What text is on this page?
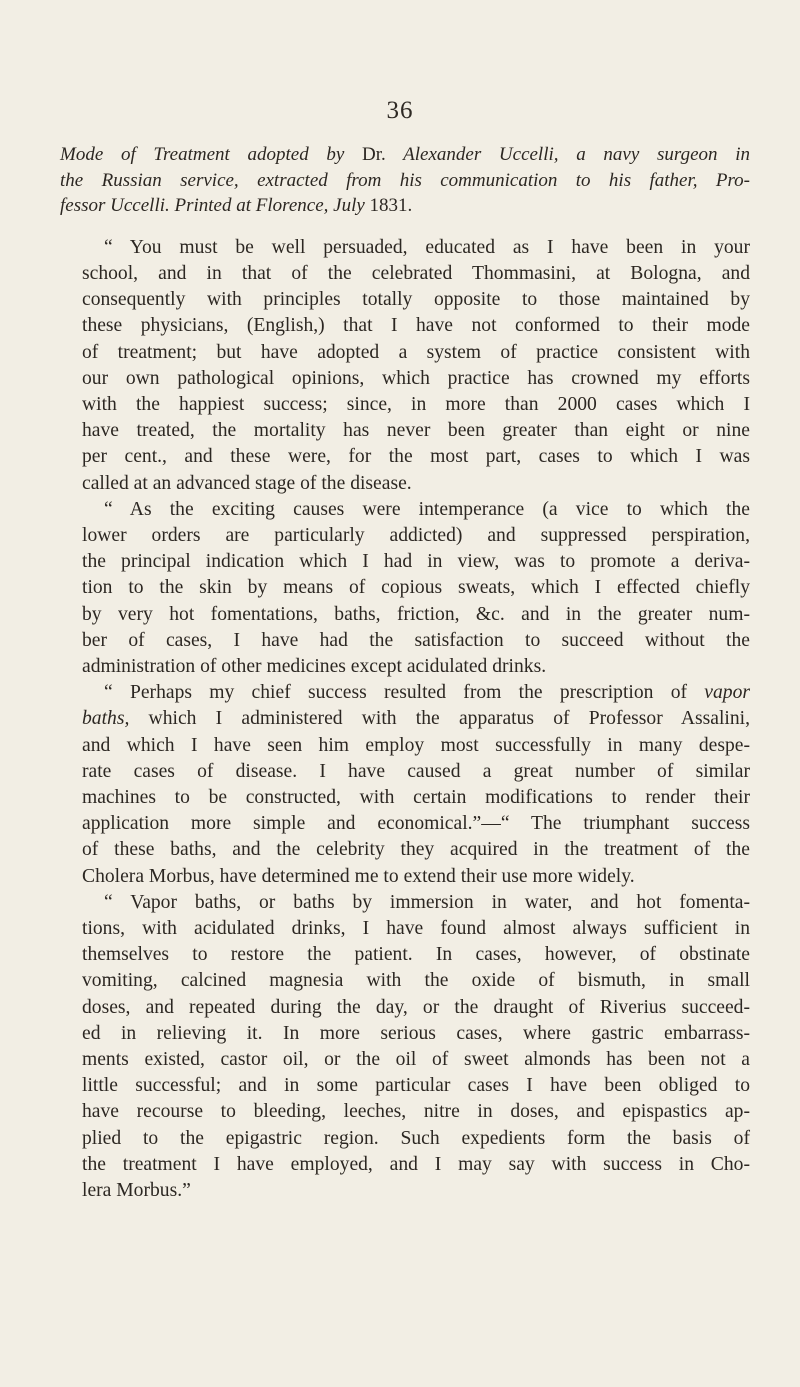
36

Mode of Treatment adopted by Dr. Alexander Uccelli, a navy surgeon in
the Russian service, extracted from his communication to his father, Pro-
fessor Uccelli. Printed at Florence, July 1831.

“ You must be well persuaded, educated as I have been in your
school, and in that of the celebrated Thommasini, at Bologna, and
consequently with principles totally opposite to those maintained by
these physicians, (English,) that I have not conformed to their mode
of treatment; but have adopted a system of practice consistent with
our own pathological opinions, which practice has crowned my efforts
with the happiest success; since, in more than 2000 cases which I
have treated, the mortality has never been greater than eight or nine
per cent., and these were, for the most part, cases to which I was
called at an advanced stage of the disease.

“ As the exciting causes were intemperance (a vice to which the
lower orders are particularly addicted) and suppressed perspiration,
the principal indication which I had in view, was to promote a deriva-
tion to the skin by means of copious sweats, which I effected chiefly
by very hot fomentations, baths, friction, &c. and in the greater num-
ber of cases, I have had the satisfaction to succeed without the
administration of other medicines except acidulated drinks.

“ Perhaps my chief success resulted from the prescription of vapor
baths, which I administered with the apparatus of Professor Assalini,
and which I have seen him employ most successfully in many despe-
rate cases of disease. I have caused a great number of similar
machines to be constructed, with certain modifications to render their
application more simple and economical.”—“ The triumphant success
of these baths, and the celebrity they acquired in the treatment of the
Cholera Morbus, have determined me to extend their use more widely.

“ Vapor baths, or baths by immersion in water, and hot fomenta-
tions, with acidulated drinks, I have found almost always sufficient in
themselves to restore the patient. In cases, however, of obstinate
vomiting, calcined magnesia with the oxide of bismuth, in small
doses, and repeated during the day, or the draught of Riverius succeed-
ed in relieving it. In more serious cases, where gastric embarrass-
ments existed, castor oil, or the oil of sweet almonds has been not a
little successful; and in some particular cases I have been obliged to
have recourse to bleeding, leeches, nitre in doses, and epispastics ap-
plied to the epigastric region. Such expedients form the basis of
the treatment I have employed, and I may say with success in Cho-
lera Morbus.”
